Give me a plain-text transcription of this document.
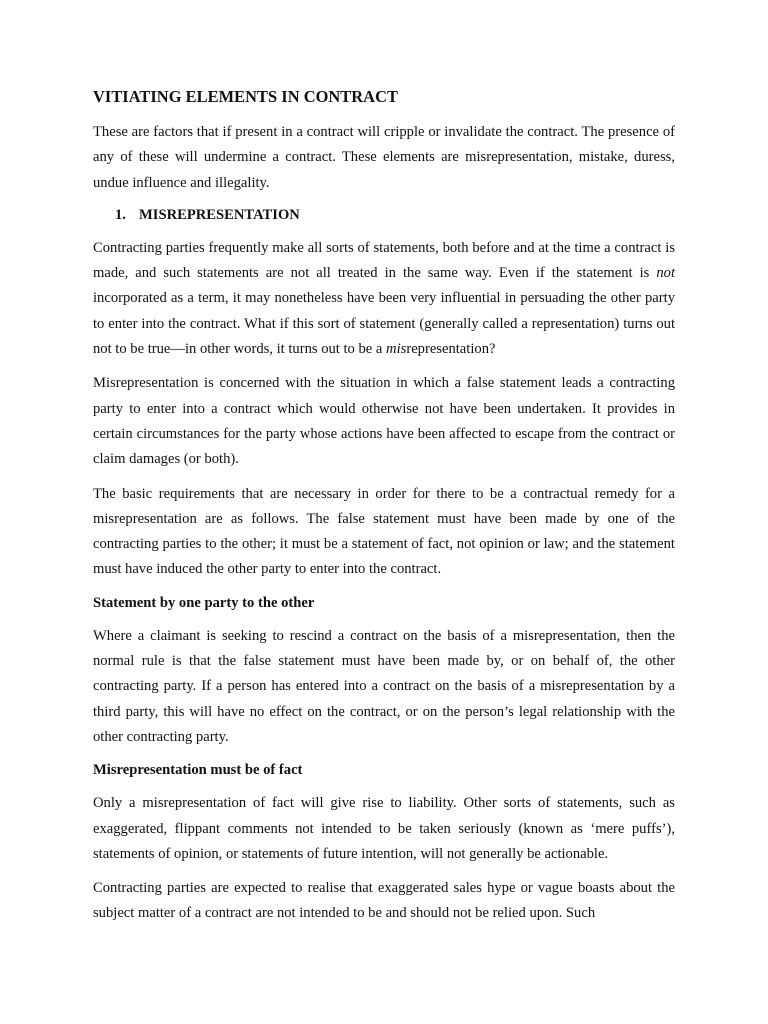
VITIATING ELEMENTS IN CONTRACT

These are factors that if present in a contract will cripple or invalidate the contract. The presence of any of these will undermine a contract. These elements are misrepresentation, mistake, duress, undue influence and illegality.

1. MISREPRESENTATION

Contracting parties frequently make all sorts of statements, both before and at the time a contract is made, and such statements are not all treated in the same way. Even if the statement is not incorporated as a term, it may nonetheless have been very influential in persuading the other party to enter into the contract. What if this sort of statement (generally called a representation) turns out not to be true—in other words, it turns out to be a misrepresentation?

Misrepresentation is concerned with the situation in which a false statement leads a contracting party to enter into a contract which would otherwise not have been undertaken. It provides in certain circumstances for the party whose actions have been affected to escape from the contract or claim damages (or both).

The basic requirements that are necessary in order for there to be a contractual remedy for a misrepresentation are as follows. The false statement must have been made by one of the contracting parties to the other; it must be a statement of fact, not opinion or law; and the statement must have induced the other party to enter into the contract.

Statement by one party to the other

Where a claimant is seeking to rescind a contract on the basis of a misrepresentation, then the normal rule is that the false statement must have been made by, or on behalf of, the other contracting party. If a person has entered into a contract on the basis of a misrepresentation by a third party, this will have no effect on the contract, or on the person’s legal relationship with the other contracting party.

Misrepresentation must be of fact

Only a misrepresentation of fact will give rise to liability. Other sorts of statements, such as exaggerated, flippant comments not intended to be taken seriously (known as ‘mere puffs’), statements of opinion, or statements of future intention, will not generally be actionable.

Contracting parties are expected to realise that exaggerated sales hype or vague boasts about the subject matter of a contract are not intended to be and should not be relied upon. Such
